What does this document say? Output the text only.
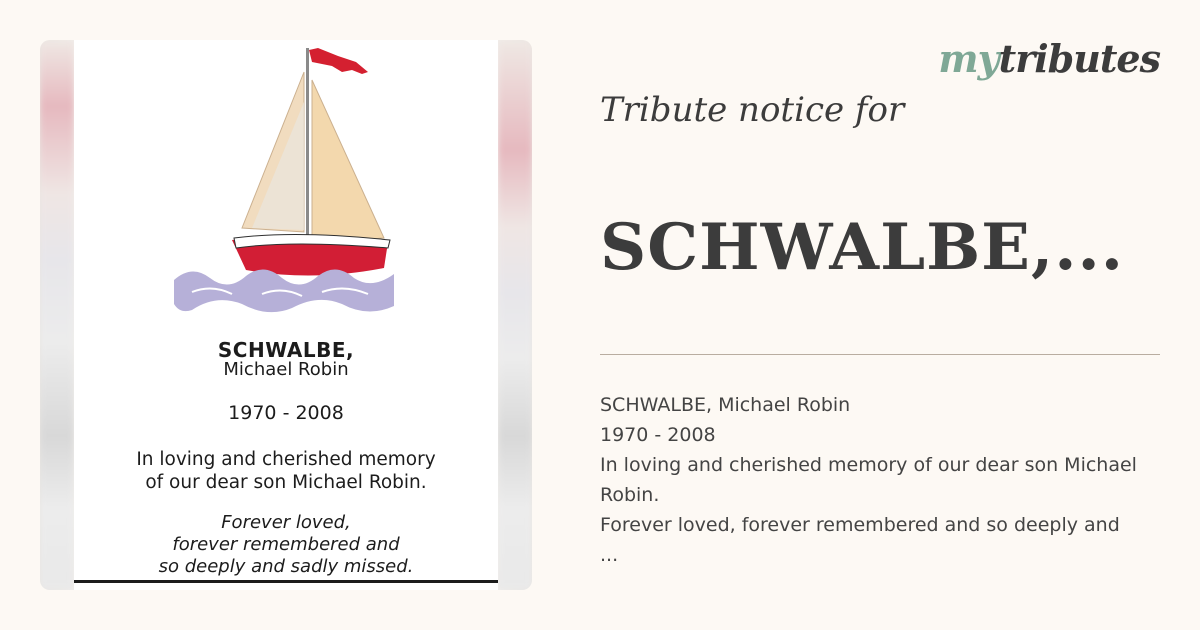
SCHWALBE,
Michael Robin
1970 - 2008
In loving and cherished memory
of our dear son Michael Robin.
Forever loved,
forever remembered and
so deeply and sadly missed.
mytributes
Tribute notice for
SCHWALBE,...
SCHWALBE, Michael Robin
1970 - 2008
In loving and cherished memory of our dear son Michael
Robin.
Forever loved, forever remembered and so deeply and
...
